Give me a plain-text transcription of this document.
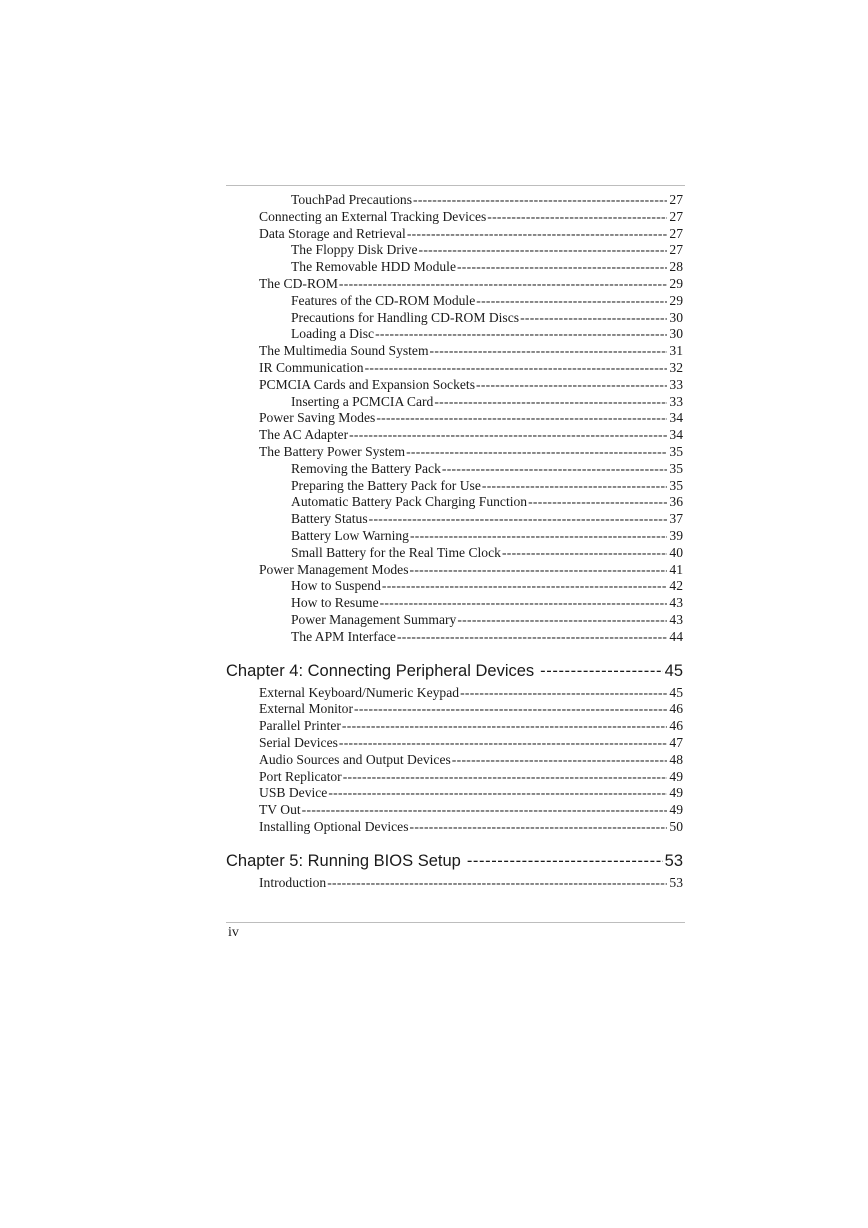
TouchPad Precautions -----	27
Connecting an External Tracking Devices -----	27
Data Storage and Retrieval -----	27
The Floppy Disk Drive -----	27
The Removable HDD Module -----	28
The CD-ROM -----	29
Features of the CD-ROM Module -----	29
Precautions for Handling CD-ROM Discs -----	30
Loading a Disc -----	30
The Multimedia Sound System -----	31
IR Communication -----	32
PCMCIA Cards and Expansion Sockets -----	33
Inserting a PCMCIA Card -----	33
Power Saving Modes -----	34
The AC Adapter -----	34
The Battery Power System -----	35
Removing the Battery Pack -----	35
Preparing the Battery Pack for Use -----	35
Automatic Battery Pack Charging Function -----	36
Battery Status -----	37
Battery Low Warning -----	39
Small Battery for the Real Time Clock -----	40
Power Management Modes -----	41
How to Suspend -----	42
How to Resume -----	43
Power Management Summary -----	43
The APM Interface -----	44
Chapter 4: Connecting Peripheral Devices -----	45
External Keyboard/Numeric Keypad -----	45
External Monitor -----	46
Parallel Printer -----	46
Serial Devices -----	47
Audio Sources and Output Devices -----	48
Port Replicator -----	49
USB Device -----	49
TV Out -----	49
Installing Optional Devices -----	50
Chapter 5: Running BIOS Setup -----	53
Introduction -----	53
iv
